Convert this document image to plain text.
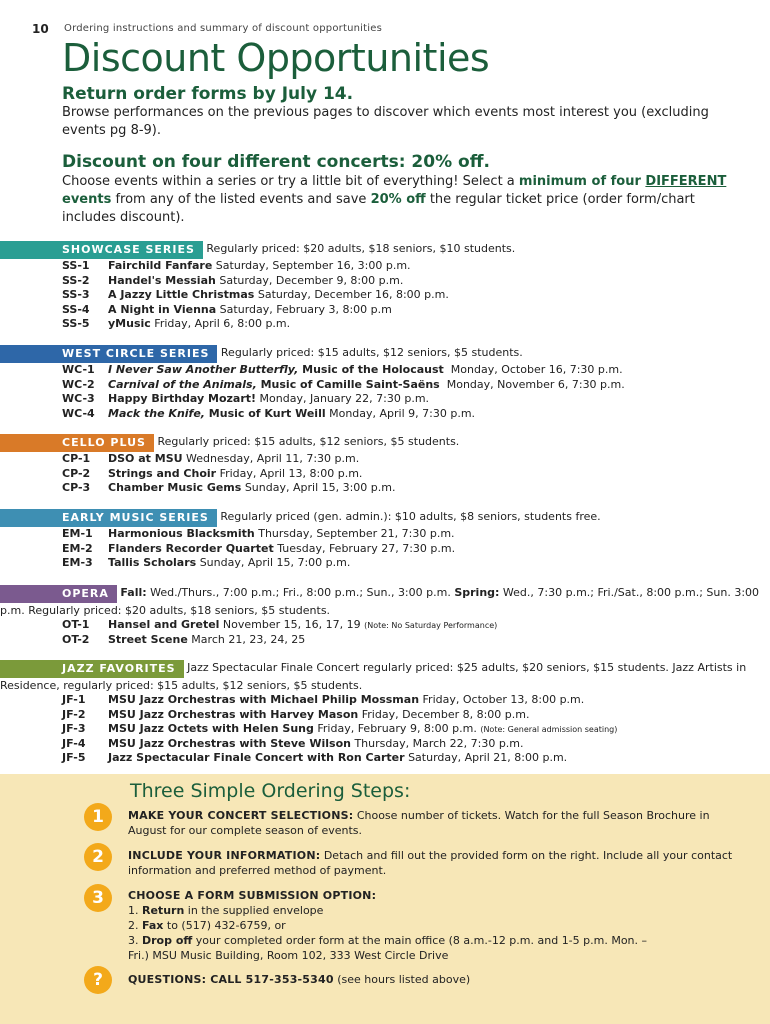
10 Ordering instructions and summary of discount opportunities
Discount Opportunities
Return order forms by July 14.
Browse performances on the previous pages to discover which events most interest you (excluding events pg 8-9).
Discount on four different concerts: 20% off.
Choose events within a series or try a little bit of everything! Select a minimum of four DIFFERENT events from any of the listed events and save 20% off the regular ticket price (order form/chart includes discount).
SHOWCASE SERIES Regularly priced: $20 adults, $18 seniors, $10 students.
SS-1 Fairchild Fanfare Saturday, September 16, 3:00 p.m.
SS-2 Handel's Messiah Saturday, December 9, 8:00 p.m.
SS-3 A Jazzy Little Christmas Saturday, December 16, 8:00 p.m.
SS-4 A Night in Vienna Saturday, February 3, 8:00 p.m
SS-5 yMusic Friday, April 6, 8:00 p.m.
WEST CIRCLE SERIES Regularly priced: $15 adults, $12 seniors, $5 students.
WC-1 I Never Saw Another Butterfly, Music of the Holocaust  Monday, October 16, 7:30 p.m.
WC-2 Carnival of the Animals, Music of Camille Saint-Saëns  Monday, November 6, 7:30 p.m.
WC-3 Happy Birthday Mozart! Monday, January 22, 7:30 p.m.
WC-4 Mack the Knife, Music of Kurt Weill Monday, April 9, 7:30 p.m.
CELLO PLUS Regularly priced: $15 adults, $12 seniors, $5 students.
CP-1 DSO at MSU Wednesday, April 11, 7:30 p.m.
CP-2 Strings and Choir Friday, April 13, 8:00 p.m.
CP-3 Chamber Music Gems Sunday, April 15, 3:00 p.m.
EARLY MUSIC SERIES Regularly priced (gen. admin.): $10 adults, $8 seniors, students free.
EM-1 Harmonious Blacksmith Thursday, September 21, 7:30 p.m.
EM-2 Flanders Recorder Quartet Tuesday, February 27, 7:30 p.m.
EM-3 Tallis Scholars Sunday, April 15, 7:00 p.m.
OPERA Fall: Wed./Thurs., 7:00 p.m.; Fri., 8:00 p.m.; Sun., 3:00 p.m. Spring: Wed., 7:30 p.m.; Fri./Sat., 8:00 p.m.; Sun. 3:00 p.m. Regularly priced: $20 adults, $18 seniors, $5 students.
OT-1 Hansel and Gretel November 15, 16, 17, 19 (Note: No Saturday Performance)
OT-2 Street Scene March 21, 23, 24, 25
JAZZ FAVORITES Jazz Spectacular Finale Concert regularly priced: $25 adults, $20 seniors, $15 students. Jazz Artists in Residence, regularly priced: $15 adults, $12 seniors, $5 students.
JF-1 MSU Jazz Orchestras with Michael Philip Mossman Friday, October 13, 8:00 p.m.
JF-2 MSU Jazz Orchestras with Harvey Mason Friday, December 8, 8:00 p.m.
JF-3 MSU Jazz Octets with Helen Sung Friday, February 9, 8:00 p.m. (Note: General admission seating)
JF-4 MSU Jazz Orchestras with Steve Wilson Thursday, March 22, 7:30 p.m.
JF-5 Jazz Spectacular Finale Concert with Ron Carter Saturday, April 21, 8:00 p.m.
Three Simple Ordering Steps:
1	MAKE YOUR CONCERT SELECTIONS: Choose number of tickets. Watch for the full Season Brochure in August for our complete season of events.
2	INCLUDE YOUR INFORMATION: Detach and fill out the provided form on the right. Include all your contact information and preferred method of payment.
3	CHOOSE A FORM SUBMISSION OPTION:
1. Return in the supplied envelope
2. Fax to (517) 432-6759, or
3. Drop off your completed order form at the main office (8 a.m.-12 p.m. and 1-5 p.m. Mon. – Fri.) MSU Music Building, Room 102, 333 West Circle Drive
?	QUESTIONS: CALL 517-353-5340 (see hours listed above)
